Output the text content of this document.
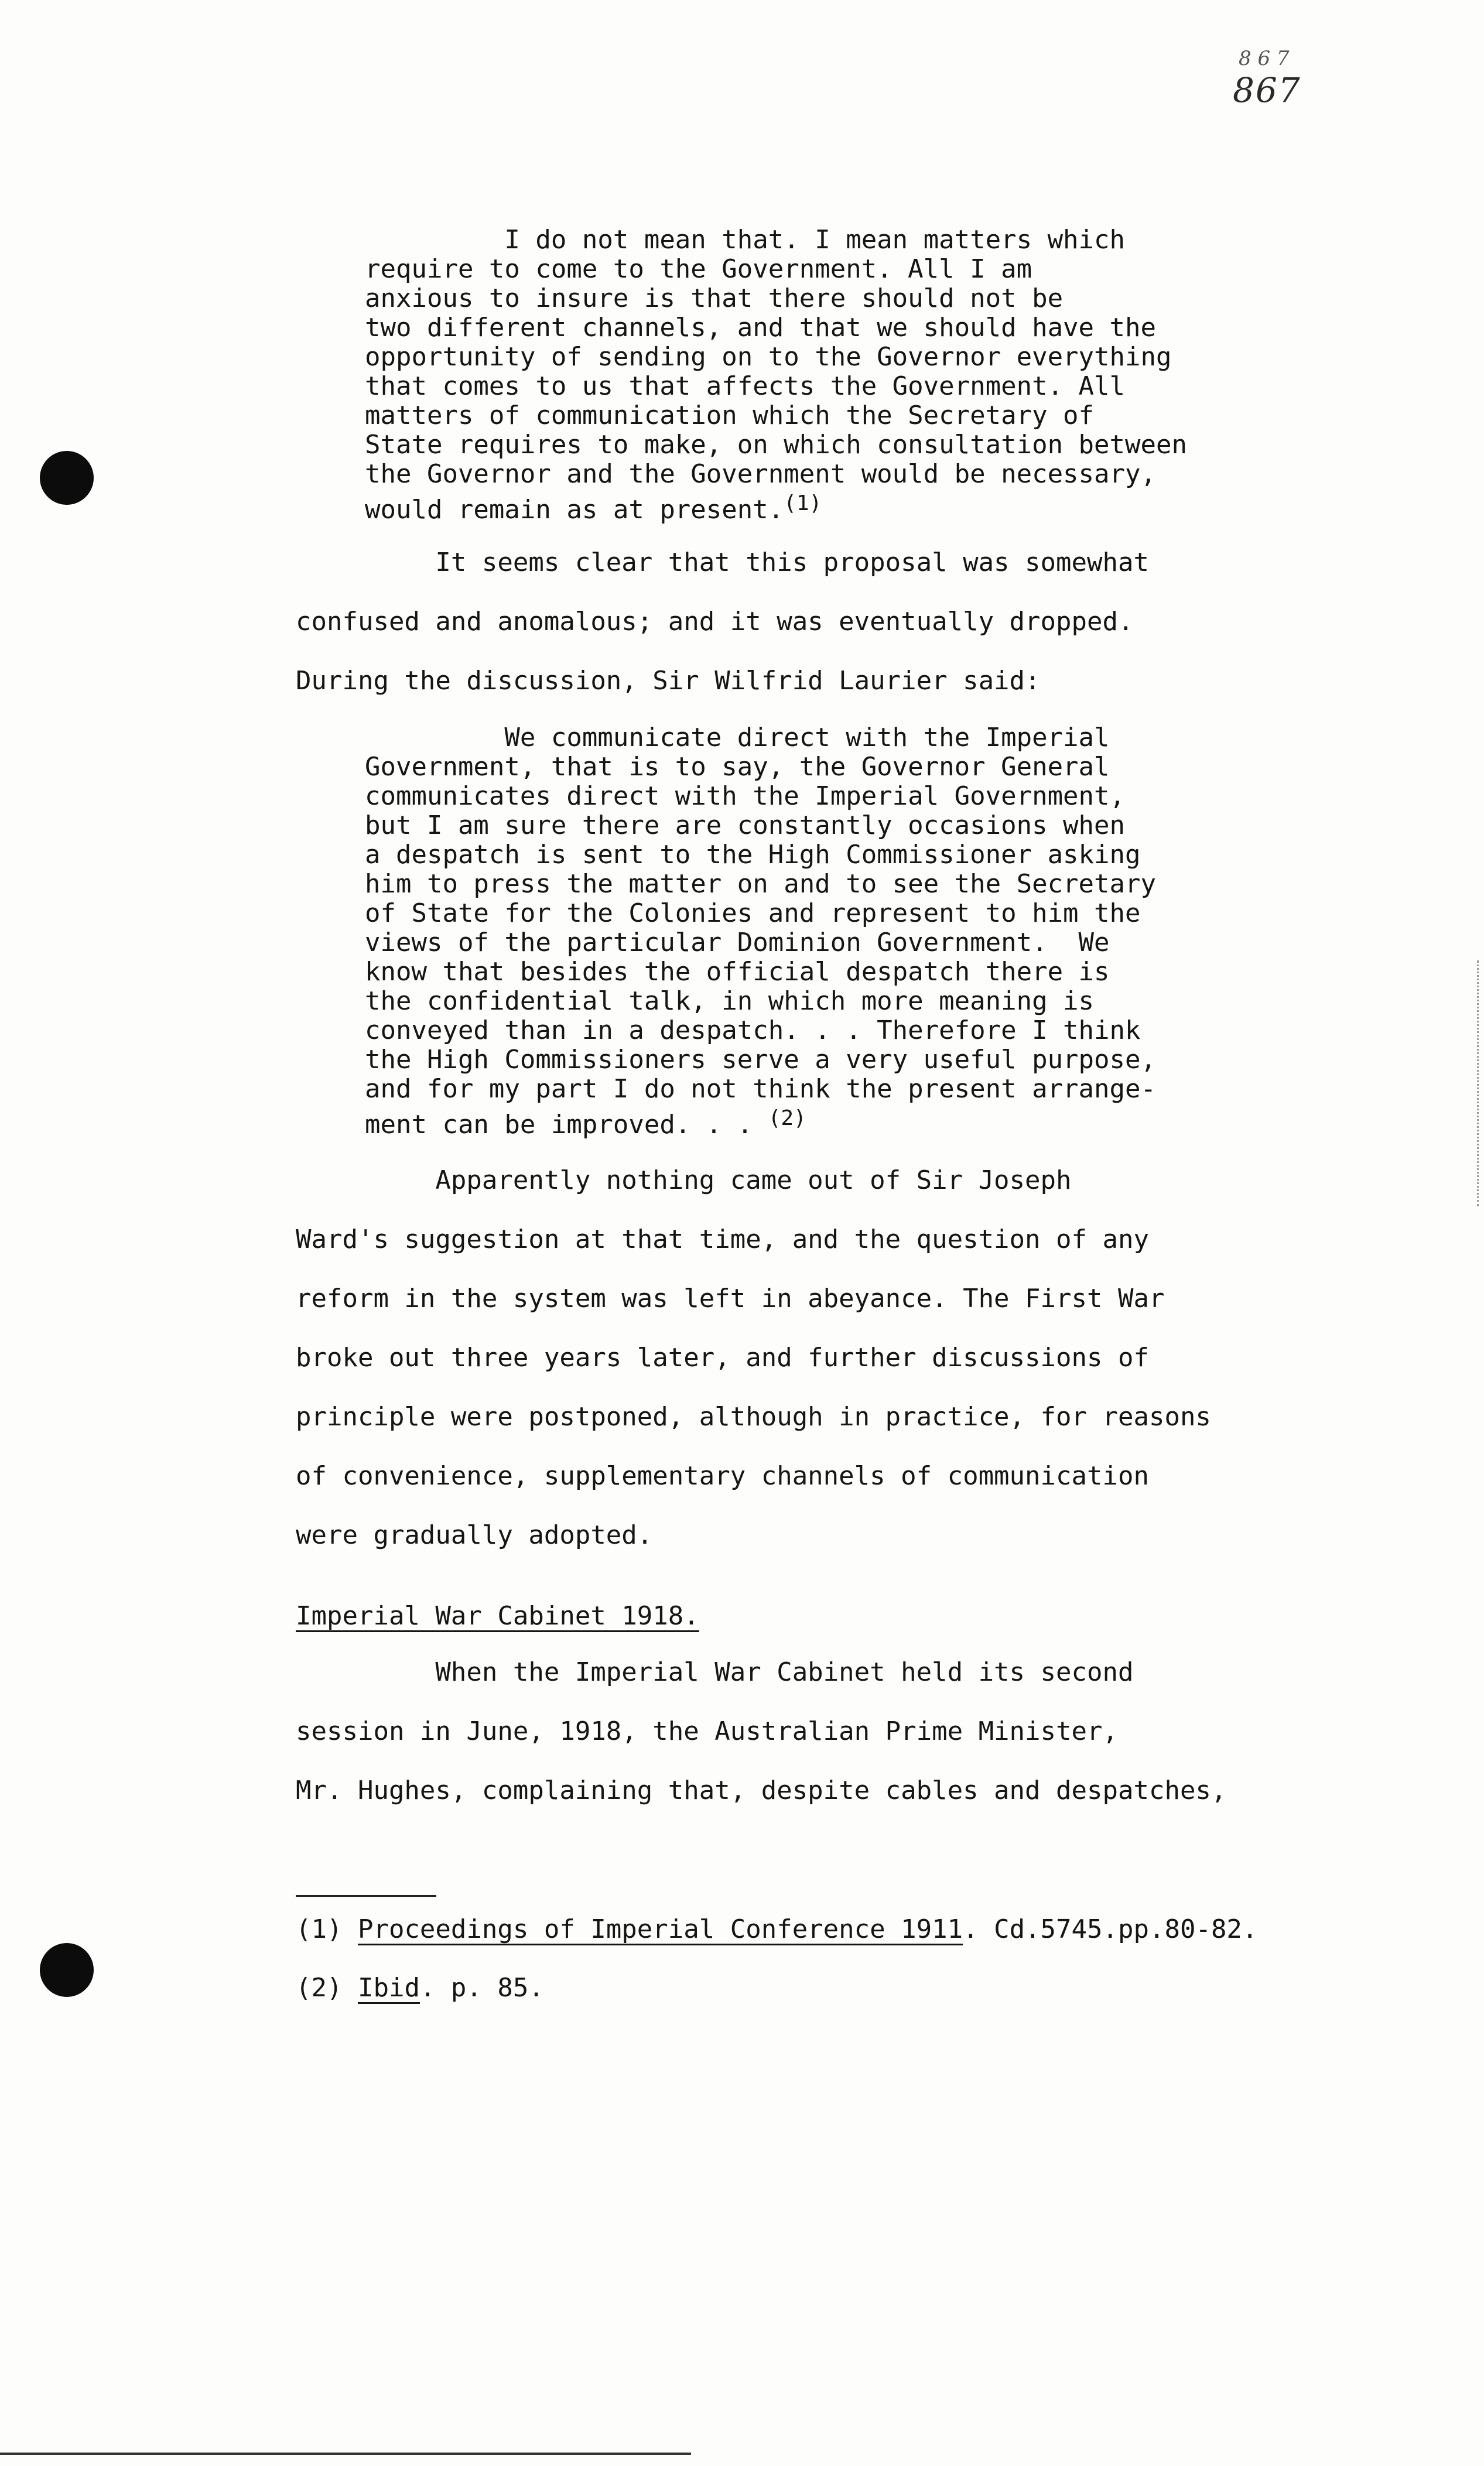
8 6 7
867
I do not mean that. I mean matters which
require to come to the Government. All I am
anxious to insure is that there should not be
two different channels, and that we should have the
opportunity of sending on to the Governor everything
that comes to us that affects the Government. All
matters of communication which the Secretary of
State requires to make, on which consultation between
the Governor and the Government would be necessary,
would remain as at present.$^{(1)}$
It seems clear that this proposal was somewhat
confused and anomalous; and it was eventually dropped.
During the discussion, Sir Wilfrid Laurier said:
We communicate direct with the Imperial
Government, that is to say, the Governor General
communicates direct with the Imperial Government,
but I am sure there are constantly occasions when
a despatch is sent to the High Commissioner asking
him to press the matter on and to see the Secretary
of State for the Colonies and represent to him the
views of the particular Dominion Government.  We
know that besides the official despatch there is
the confidential talk, in which more meaning is
conveyed than in a despatch. . . Therefore I think
the High Commissioners serve a very useful purpose,
and for my part I do not think the present arrange-
ment can be improved. . . $^{(2)}$
Apparently nothing came out of Sir Joseph
Ward's suggestion at that time, and the question of any
reform in the system was left in abeyance. The First War
broke out three years later, and further discussions of
principle were postponed, although in practice, for reasons
of convenience, supplementary channels of communication
were gradually adopted.
Imperial War Cabinet 1918.
When the Imperial War Cabinet held its second
session in June, 1918, the Australian Prime Minister,
Mr. Hughes, complaining that, despite cables and despatches,
(1) Proceedings of Imperial Conference 1911. Cd.5745.pp.80-82.
(2) Ibid. p. 85.
